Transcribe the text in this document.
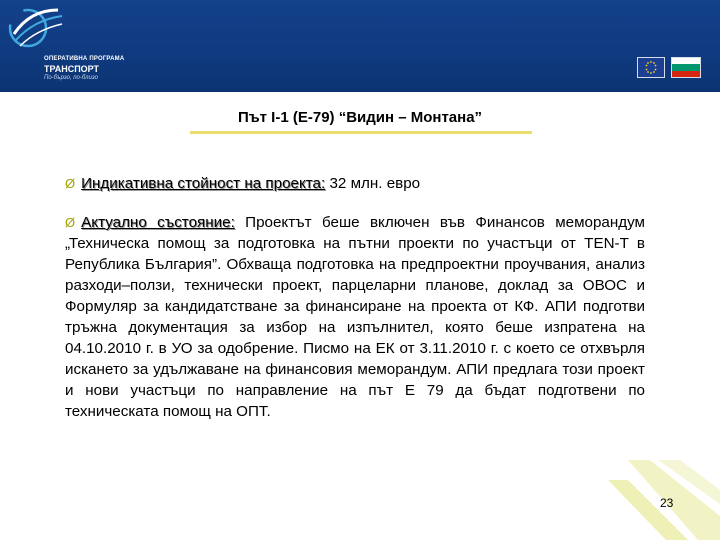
ОПЕРАТИВНА ПРОГРАМА
ТРАНСПОРТ
По-бързо, по-близо
Път I-1 (Е-79) “Видин – Монтана”
Ø Индикативна стойност на проекта: 32 млн. евро
Ø Актуално състояние: Проектът беше включен във Финансов меморандум „Техническа помощ за подготовка на пътни проекти по участъци от TEN-T в Република България”. Обхваща подготовка на предпроектни проучвания, анализ разходи–ползи, технически проект, парцеларни планове, доклад за ОВОС и Формуляр за кандидатстване за финансиране на проекта от КФ. АПИ подготви тръжна документация за избор на изпълнител, която беше изпратена на 04.10.2010 г. в УО за одобрение. Писмо на ЕК от 3.11.2010 г. с което се отхвърля искането за удължаване на финансовия меморандум. АПИ предлага този проект и нови участъци по направление на път Е 79 да бъдат подготвени по техническата помощ на ОПТ.
23
